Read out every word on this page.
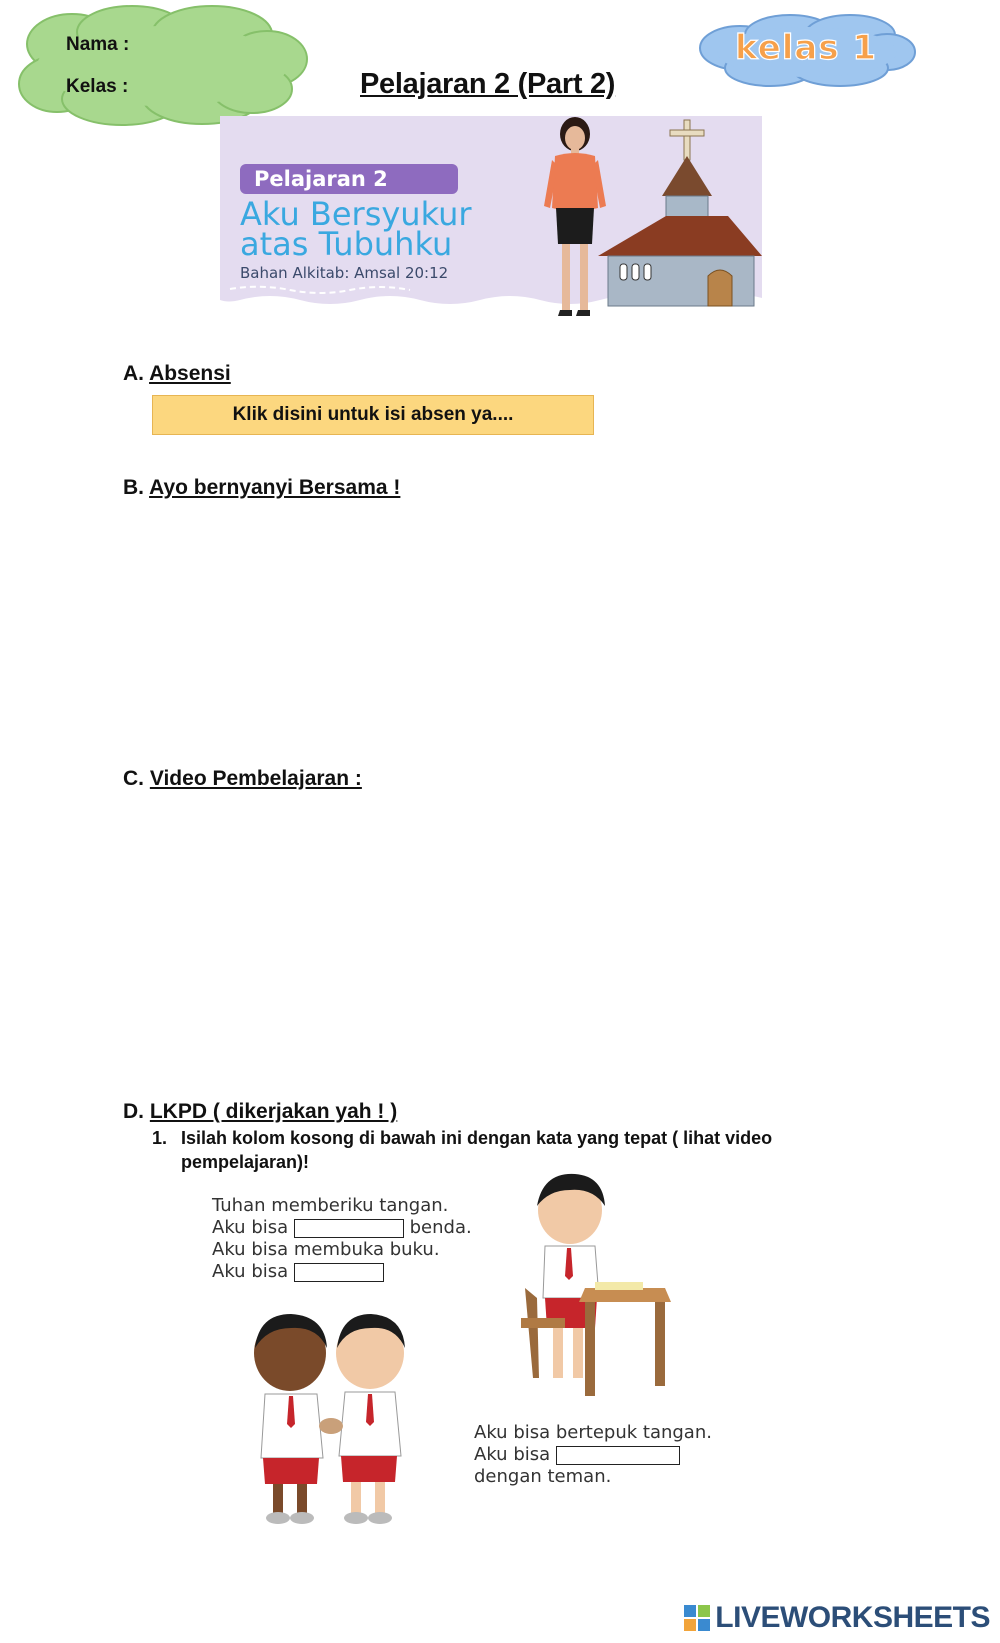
Nama :
Kelas :
kelas 1
Pelajaran 2 (Part 2)
Pelajaran 2
Aku Bersyukur
atas Tubuhku
Bahan Alkitab: Amsal 20:12
A. Absensi
Klik disini untuk isi absen ya....
B. Ayo bernyanyi Bersama !
C. Video Pembelajaran :
D. LKPD ( dikerjakan yah ! )
1. Isilah kolom kosong di bawah ini dengan kata yang tepat ( lihat video
pempelajaran)!
Tuhan memberiku tangan.
Aku bisa	benda.
Aku bisa membuka buku.
Aku bisa
Aku bisa bertepuk tangan.
Aku bisa
dengan teman.
LIVEWORKSHEETS
